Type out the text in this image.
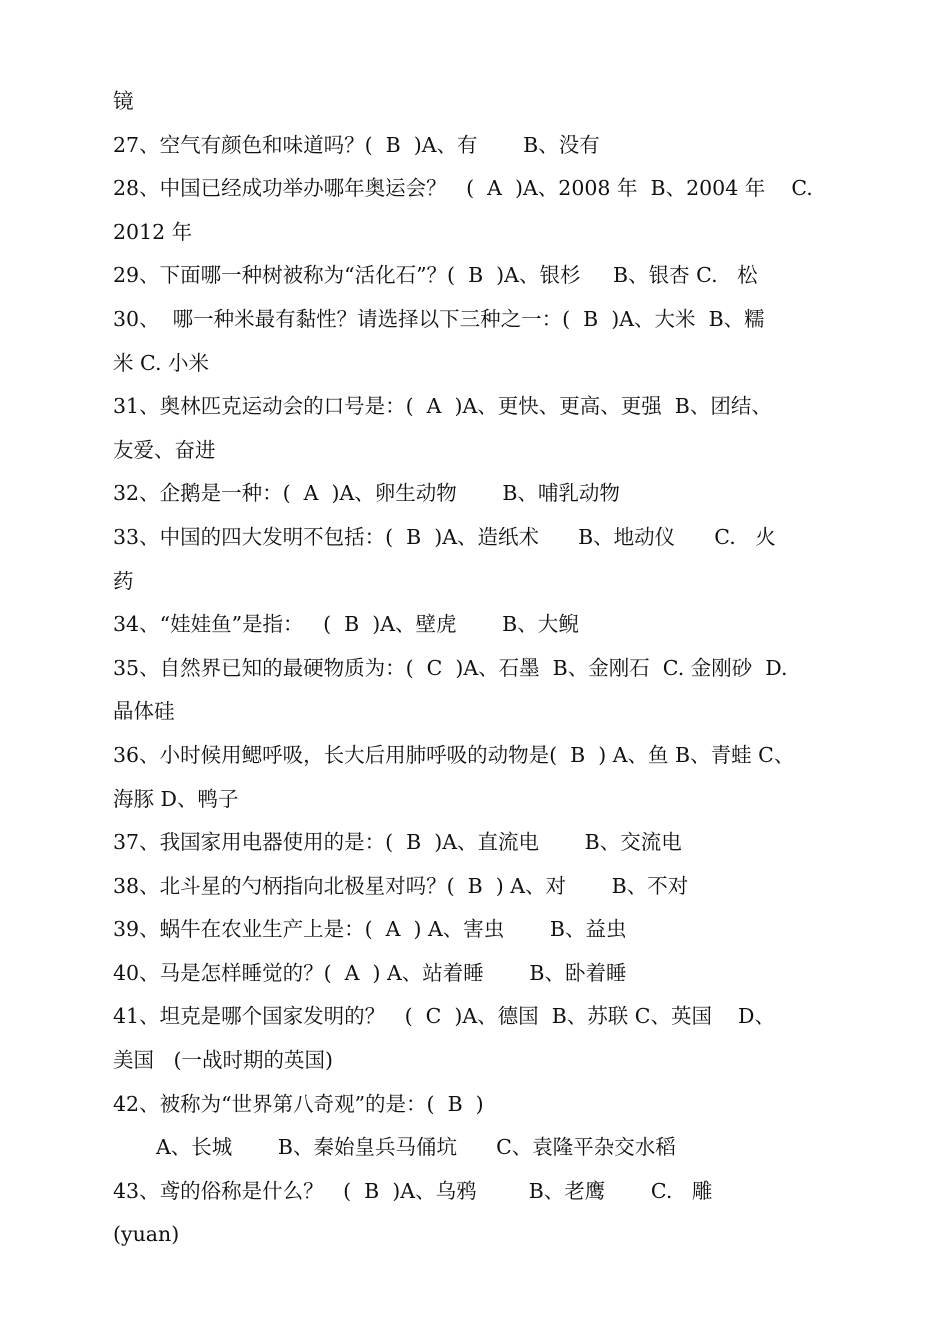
镜
27、空气有颜色和味道吗？(  B  )A、有       B、没有
28、中国已经成功举办哪年奥运会？   (  A  )A、2008 年  B、2004 年    C.
2012 年
29、下面哪一种树被称为“活化石”？(  B  )A、银杉     B、银杏 C.   松
30、  哪一种米最有黏性？请选择以下三种之一：(  B  )A、大米  B、糯
米 C. 小米
31、奥林匹克运动会的口号是：(  A  )A、更快、更高、更强  B、团结、
友爱、奋进
32、企鹅是一种：(  A  )A、卵生动物       B、哺乳动物
33、中国的四大发明不包括：(  B  )A、造纸术      B、地动仪      C.   火
药
34、“娃娃鱼”是指：   (  B  )A、壁虎       B、大鲵
35、自然界已知的最硬物质为：(  C  )A、石墨  B、金刚石  C. 金刚砂  D.
晶体硅
36、小时候用鳃呼吸，长大后用肺呼吸的动物是(  B  ) A、鱼 B、青蛙 C、
海豚 D、鸭子
37、我国家用电器使用的是：(  B  )A、直流电       B、交流电
38、北斗星的勺柄指向北极星对吗？(  B  ) A、对       B、不对
39、蜗牛在农业生产上是：(  A  ) A、害虫       B、益虫
40、马是怎样睡觉的？(  A  ) A、站着睡       B、卧着睡
41、坦克是哪个国家发明的？   (  C  )A、德国  B、苏联 C、英国    D、
美国   (一战时期的英国)
42、被称为“世界第八奇观”的是：(  B  )
A、长城       B、秦始皇兵马俑坑      C、袁隆平杂交水稻
43、鸢的俗称是什么？   (  B  )A、乌鸦        B、老鹰       C.   雕
(yuan)
